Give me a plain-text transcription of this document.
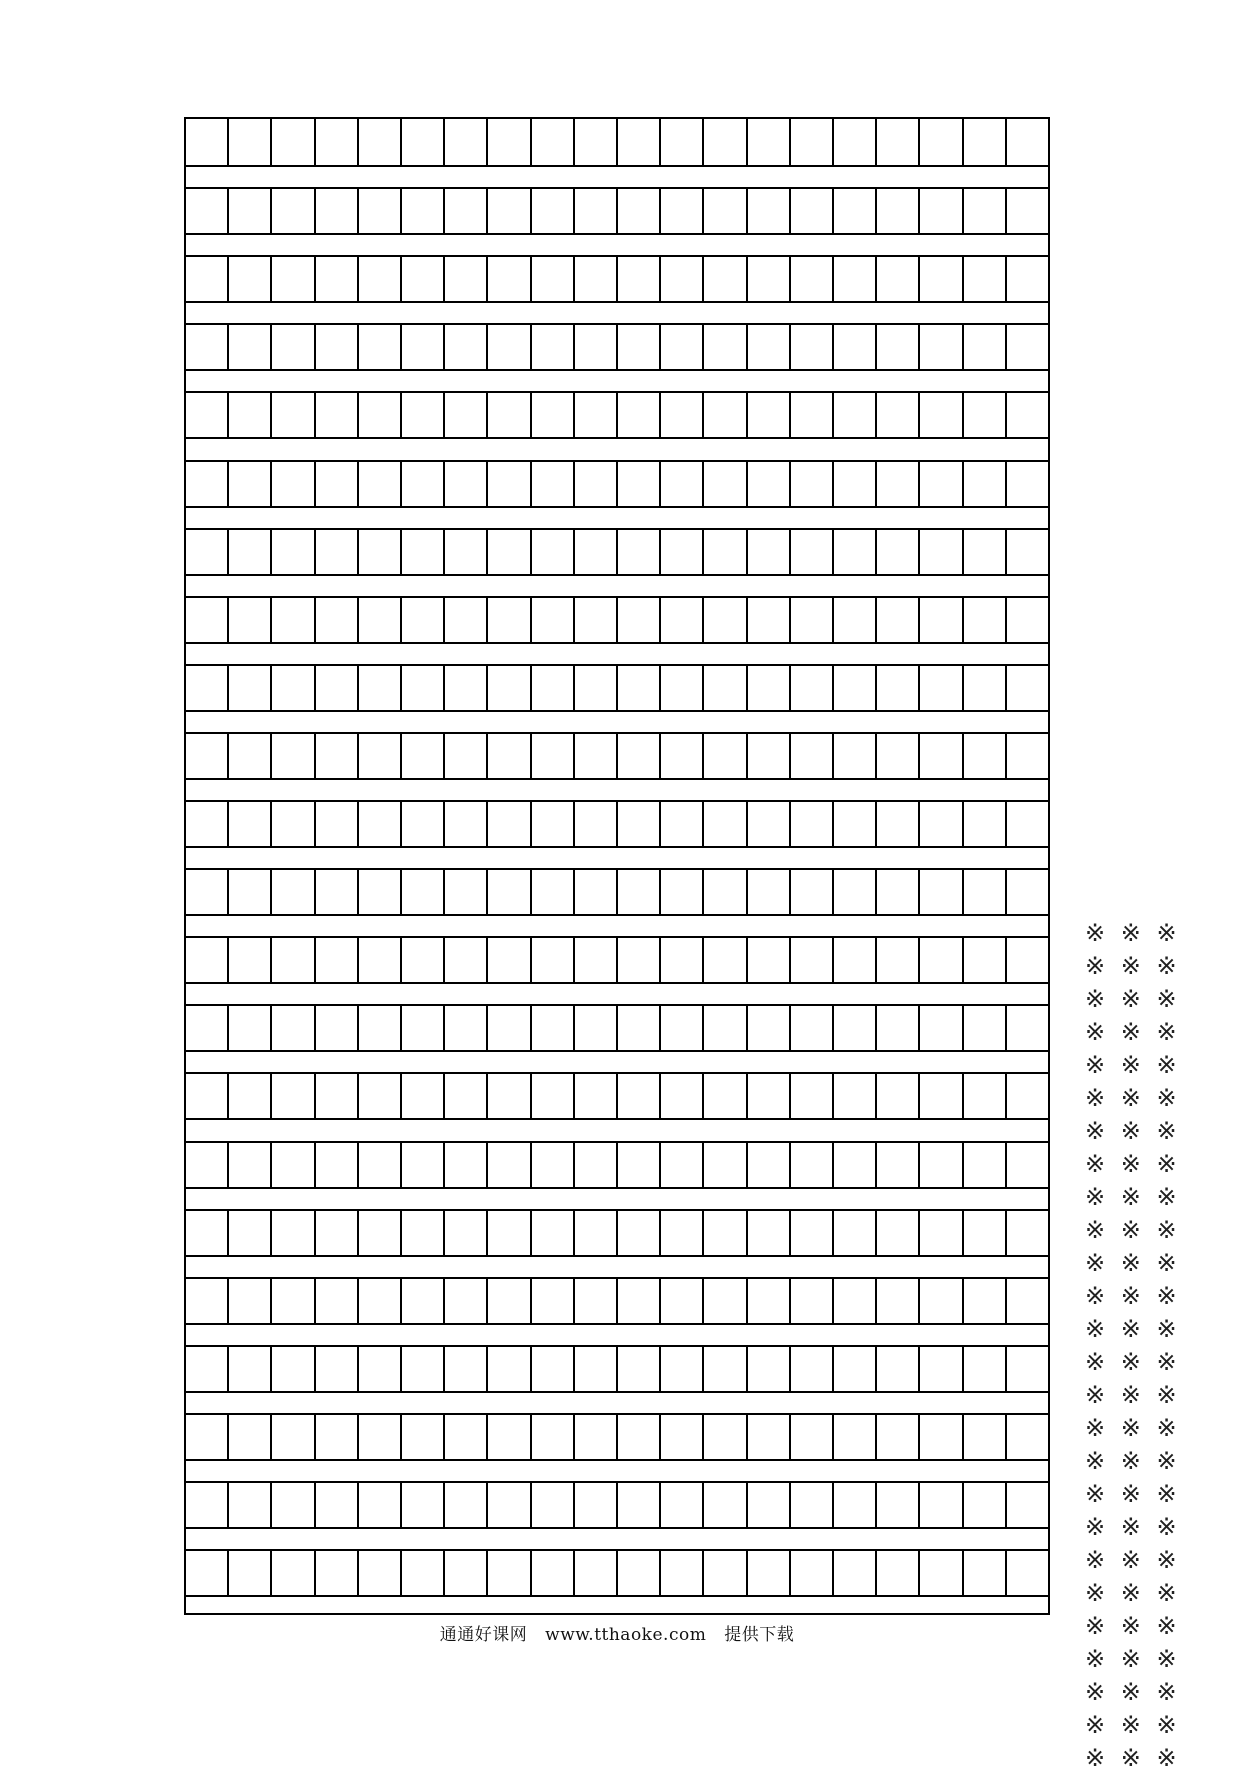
通通好课网 www.tthaoke.com 提供下载
※ ※ ※
※ ※ ※
※ ※ ※
※ ※ ※
※ ※ ※
※ ※ ※
※ ※ ※
※ ※ ※
※ ※ ※
※ ※ ※
※ ※ ※
※ ※ ※
※ ※ ※
※ ※ ※
※ ※ ※
※ ※ ※
※ ※ ※
※ ※ ※
※ ※ ※
※ ※ ※
※ ※ ※
※ ※ ※
※ ※ ※
※ ※ ※
※ ※ ※
※ ※ ※
